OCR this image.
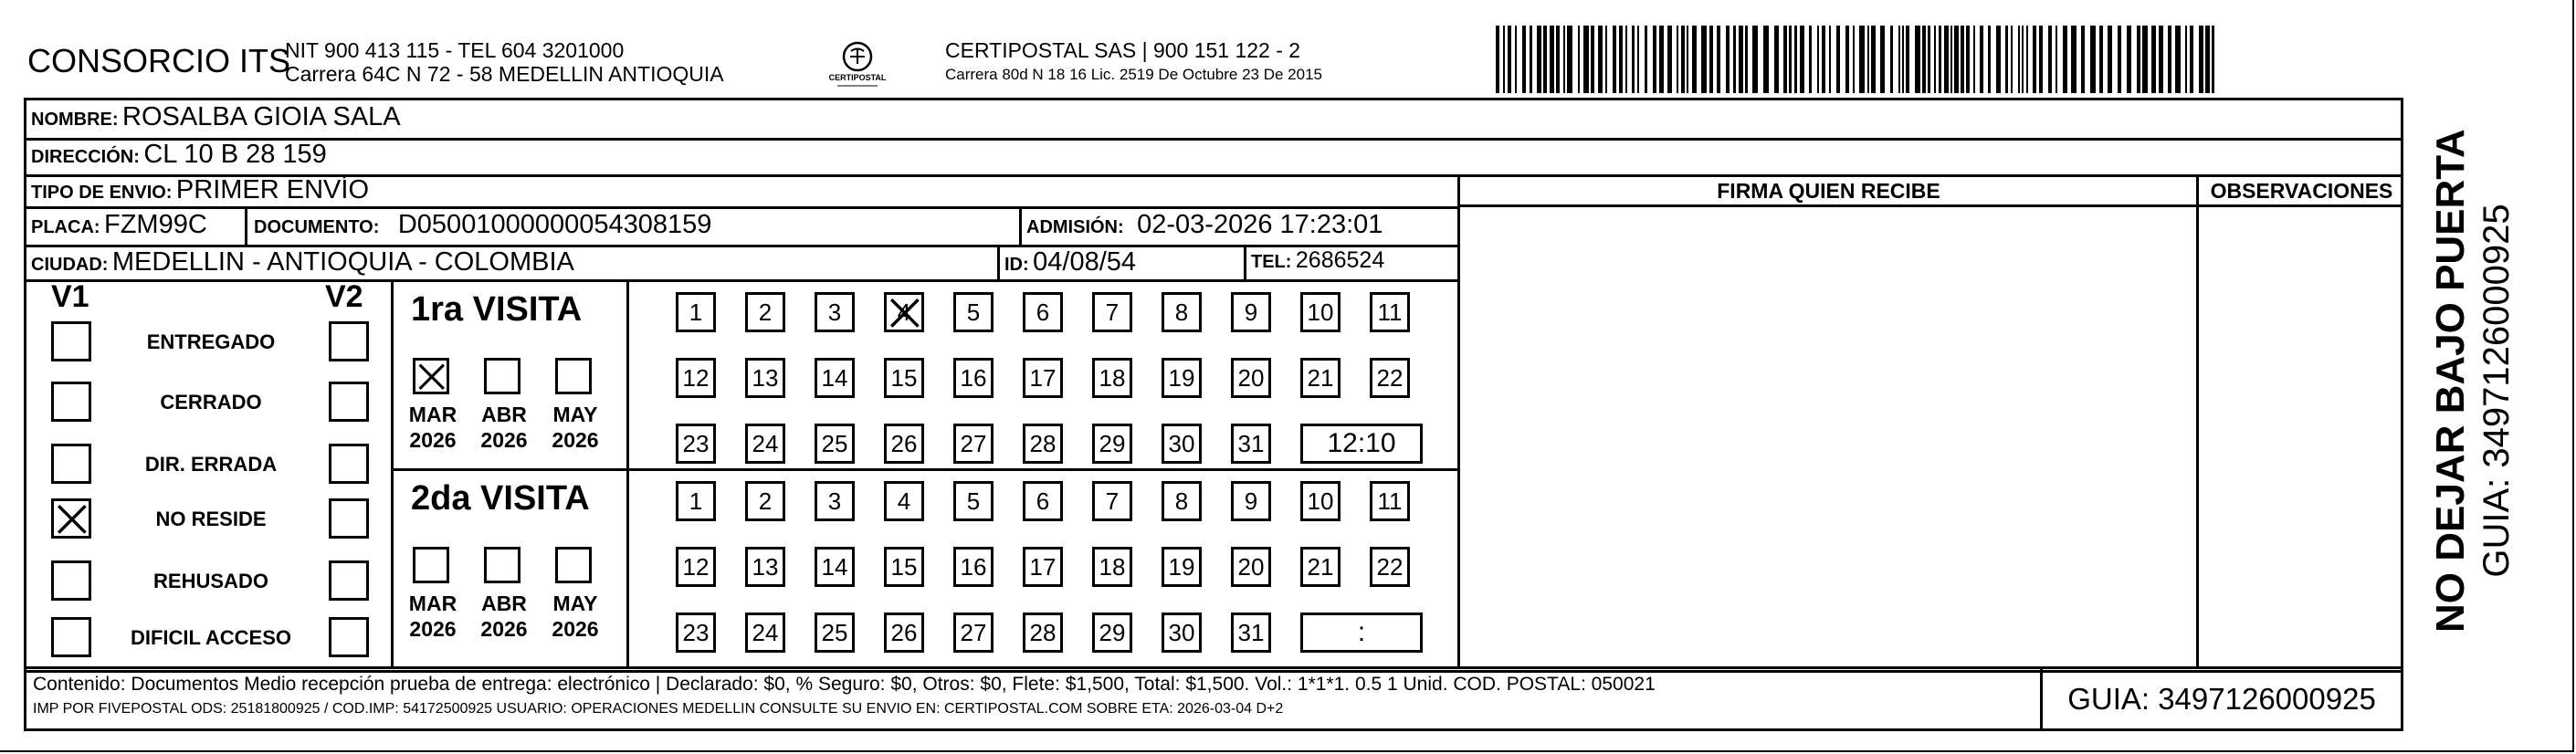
CONSORCIO ITS
NIT 900 413 115 - TEL 604 3201000
Carrera 64C N 72 - 58 MEDELLIN ANTIOQUIA	CERTIPOSTAL
CERTIPOSTAL SAS | 900 151 122 - 2
Carrera 80d N 18 16 Lic. 2519 De Octubre 23 De 2015
NOMBRE: ROSALBA GIOIA SALA
DIRECCIÓN: CL 10 B 28 159
TIPO DE ENVIO: PRIMER ENVÍO
PLACA: FZM99C	DOCUMENTO: D05001000000054308159	ADMISIÓN: 02-03-2026 17:23:01
CIUDAD: MEDELLIN - ANTIOQUIA - COLOMBIA	ID: 04/08/54	TEL: 2686524
FIRMA QUIEN RECIBE	OBSERVACIONES
V1	V2
ENTREGADO
CERRADO
DIR. ERRADA
NO RESIDE
REHUSADO
DIFICIL ACCESO
1ra VISITA
MAR
2026
ABR
2026
MAY
2026
1 2 3 4 5 6 7 8 9 10 11
12 13 14 15 16 17 18 19 20 21 22
23 24 25 26 27 28 29 30 31 12:10
2da VISITA
MAR
2026
ABR
2026
MAY
2026
1 2 3 4 5 6 7 8 9 10 11
12 13 14 15 16 17 18 19 20 21 22
23 24 25 26 27 28 29 30 31	:
Contenido: Documentos Medio recepción prueba de entrega: electrónico | Declarado: $0, % Seguro: $0, Otros: $0, Flete: $1,500, Total: $1,500. Vol.: 1*1*1. 0.5 1 Unid. COD. POSTAL: 050021
IMP POR FIVEPOSTAL ODS: 25181800925 / COD.IMP: 54172500925 USUARIO: OPERACIONES MEDELLIN CONSULTE SU ENVIO EN: CERTIPOSTAL.COM SOBRE ETA: 2026-03-04 D+2	GUIA: 3497126000925
NO DEJAR BAJO PUERTA GUIA: 3497126000925
